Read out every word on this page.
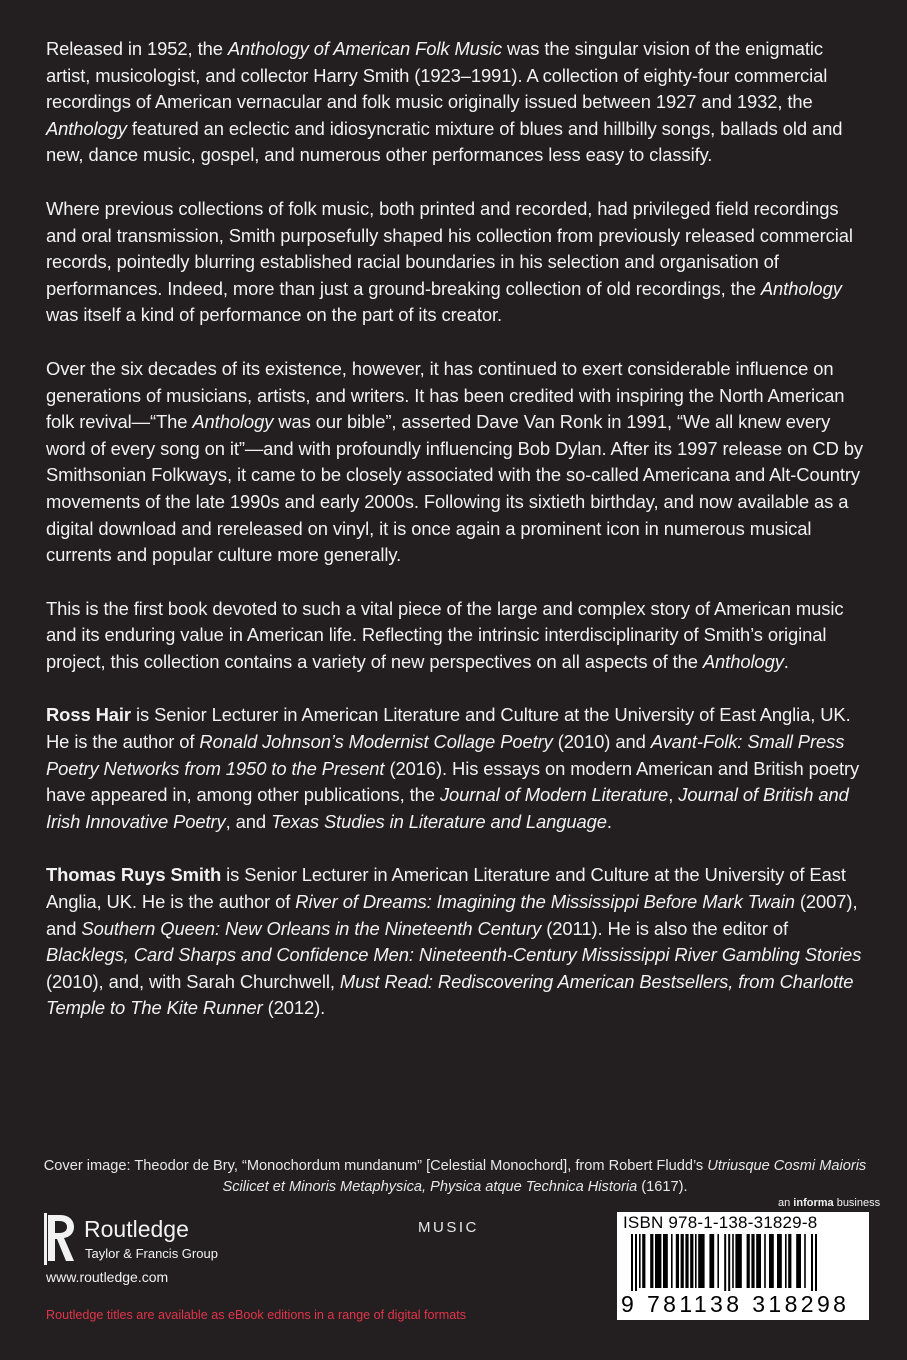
Released in 1952, the Anthology of American Folk Music was the singular vision of the enigmatic artist, musicologist, and collector Harry Smith (1923–1991). A collection of eighty-four commercial recordings of American vernacular and folk music originally issued between 1927 and 1932, the Anthology featured an eclectic and idiosyncratic mixture of blues and hillbilly songs, ballads old and new, dance music, gospel, and numerous other performances less easy to classify.

Where previous collections of folk music, both printed and recorded, had privileged field recordings and oral transmission, Smith purposefully shaped his collection from previously released commercial records, pointedly blurring established racial boundaries in his selection and organisation of performances. Indeed, more than just a ground-breaking collection of old recordings, the Anthology was itself a kind of performance on the part of its creator.

Over the six decades of its existence, however, it has continued to exert considerable influence on generations of musicians, artists, and writers. It has been credited with inspiring the North American folk revival—“The Anthology was our bible”, asserted Dave Van Ronk in 1991, “We all knew every word of every song on it”—and with profoundly influencing Bob Dylan. After its 1997 release on CD by Smithsonian Folkways, it came to be closely associated with the so-called Americana and Alt-Country movements of the late 1990s and early 2000s. Following its sixtieth birthday, and now available as a digital download and rereleased on vinyl, it is once again a prominent icon in numerous musical currents and popular culture more generally.

This is the first book devoted to such a vital piece of the large and complex story of American music and its enduring value in American life. Reflecting the intrinsic interdisciplinarity of Smith’s original project, this collection contains a variety of new perspectives on all aspects of the Anthology.

Ross Hair is Senior Lecturer in American Literature and Culture at the University of East Anglia, UK. He is the author of Ronald Johnson’s Modernist Collage Poetry (2010) and Avant-Folk: Small Press Poetry Networks from 1950 to the Present (2016). His essays on modern American and British poetry have appeared in, among other publications, the Journal of Modern Literature, Journal of British and Irish Innovative Poetry, and Texas Studies in Literature and Language.

Thomas Ruys Smith is Senior Lecturer in American Literature and Culture at the University of East Anglia, UK. He is the author of River of Dreams: Imagining the Mississippi Before Mark Twain (2007), and Southern Queen: New Orleans in the Nineteenth Century (2011). He is also the editor of Blacklegs, Card Sharps and Confidence Men: Nineteenth-Century Mississippi River Gambling Stories (2010), and, with Sarah Churchwell, Must Read: Rediscovering American Bestsellers, from Charlotte Temple to The Kite Runner (2012).

Cover image: Theodor de Bry, “Monochordum mundanum” [Celestial Monochord], from Robert Fludd’s Utriusque Cosmi Maioris Scilicet et Minoris Metaphysica, Physica atque Technica Historia (1617).
an informa business
Routledge
Taylor & Francis Group
www.routledge.com
MUSIC	ISBN 978-1-138-31829-8
9 781138 318298
Routledge titles are available as eBook editions in a range of digital formats
